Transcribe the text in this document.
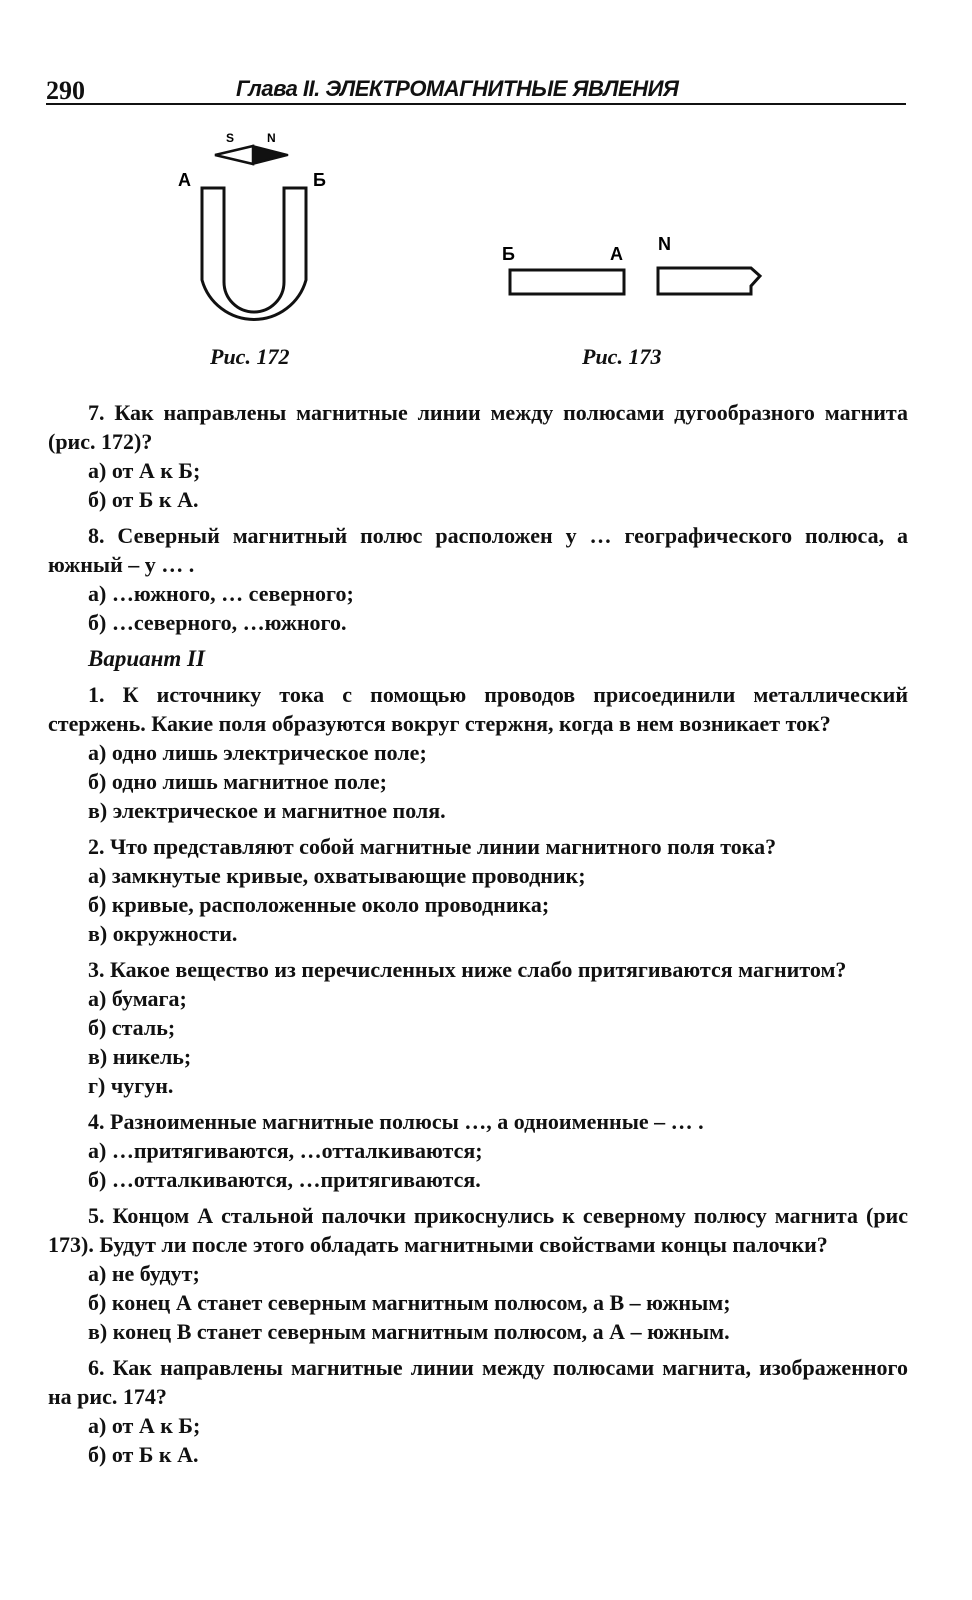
290	Глава II. ЭЛЕКТРОМАГНИТНЫЕ ЯВЛЕНИЯ
S	N
А	Б
Рис. 172
Б	А N
Рис. 173
7. Как направлены магнитные линии между полюсами дугообразного магнита (рис. 172)?
а) от А к Б;
б) от Б к А.
8. Северный магнитный полюс расположен у … географического полюса, а южный – у … .
а) …южного, … северного;
б) …северного, …южного.
Вариант II
1. К источнику тока с помощью проводов присоединили металлический стержень. Какие поля образуются вокруг стержня, когда в нем возникает ток?
а) одно лишь электрическое поле;
б) одно лишь магнитное поле;
в) электрическое и магнитное поля.
2. Что представляют собой магнитные линии магнитного поля тока?
а) замкнутые кривые, охватывающие проводник;
б) кривые, расположенные около проводника;
в) окружности.
3. Какое вещество из перечисленных ниже слабо притягиваются магнитом?
а) бумага;
б) сталь;
в) никель;
г) чугун.
4. Разноименные магнитные полюсы …, а одноименные – … .
а) …притягиваются, …отталкиваются;
б) …отталкиваются, …притягиваются.
5. Концом А стальной палочки прикоснулись к северному полюсу магнита (рис 173). Будут ли после этого обладать магнитными свойствами концы палочки?
а) не будут;
б) конец А станет северным магнитным полюсом, а В – южным;
в) конец В станет северным магнитным полюсом, а А – южным.
6. Как направлены магнитные линии между полюсами магнита, изображенного на рис. 174?
а) от А к Б;
б) от Б к А.
